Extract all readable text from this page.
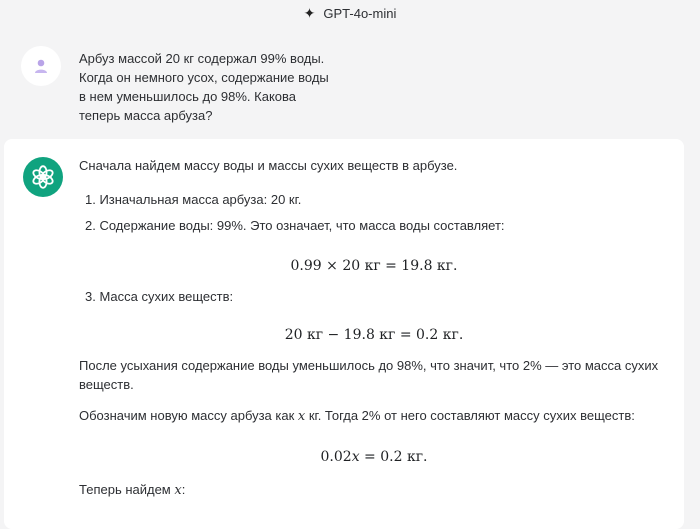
✦ GPT-4o-mini
Арбуз массой 20 кг содержал 99% воды.
Когда он немного усох, содержание воды
в нем уменьшилось до 98%. Какова
теперь масса арбуза?

Сначала найдем массу воды и массы сухих веществ в арбузе.

1. Изначальная масса арбуза: 20 кг.

2. Содержание воды: 99%. Это означает, что масса воды составляет:

0.99 × 20 кг = 19.8 кг.

3. Масса сухих веществ:

20 кг − 19.8 кг = 0.2 кг.

После усыхания содержание воды уменьшилось до 98%, что значит, что 2% — это масса сухих

веществ.

Обозначим новую массу арбуза как x кг. Тогда 2% от него составляют массу сухих веществ:

0.02x = 0.2 кг.

Теперь найдем x:
